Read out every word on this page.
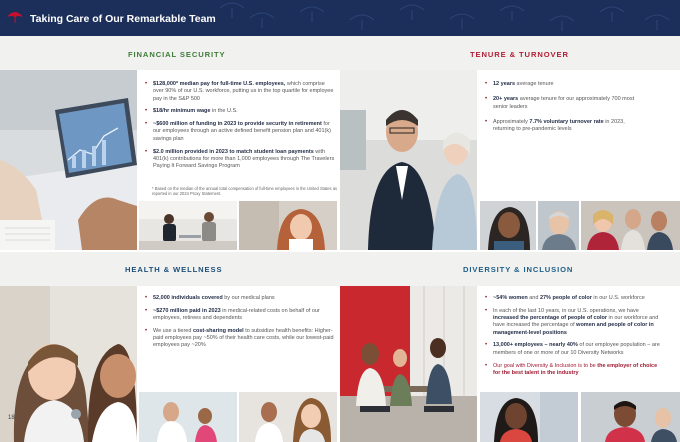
Taking Care of Our Remarkable Team
FINANCIAL SECURITY	TENURE & TURNOVER
HEALTH & WELLNESS	DIVERSITY & INCLUSION
• $128,000* median pay for full-time U.S. employees, which comprise over 90% of our U.S. workforce, putting us in the top quartile for employee pay in the S&P 500
• $18/hr minimum wage in the U.S.
• ~$600 million of funding in 2023 to provide security in retirement for our employees through an active defined benefit pension plan and 401(k) savings plan
• $2.0 million provided in 2023 to match student loan payments with 401(k) contributions for more than 1,000 employees through The Travelers Paying It Forward Savings Program
* Based on the median of the annual total compensation of full-time employees in the United States as reported in our 2024 Proxy Statement.
• 12 years average tenure
• 20+ years average tenure for our approximately 700 most senior leaders
• Approximately 7.7% voluntary turnover rate in 2023, returning to pre-pandemic levels
• 52,000 individuals covered by our medical plans
• ~$270 million paid in 2023 in medical-related costs on behalf of our employees, retirees and dependents
• We use a tiered cost-sharing model to subsidize health benefits: Higher-paid employees pay ~50% of their health care costs, while our lowest-paid employees pay ~20%
• ~54% women and 27% people of color in our U.S. workforce
• In each of the last 10 years, in our U.S. operations, we have increased the percentage of people of color in our workforce and have increased the percentage of women and people of color in management-level positions
• 13,000+ employees – nearly 40% of our employee population – are members of one or more of our 10 Diversity Networks
• Our goal with Diversity & Inclusion is to be the employer of choice for the best talent in the industry
18
